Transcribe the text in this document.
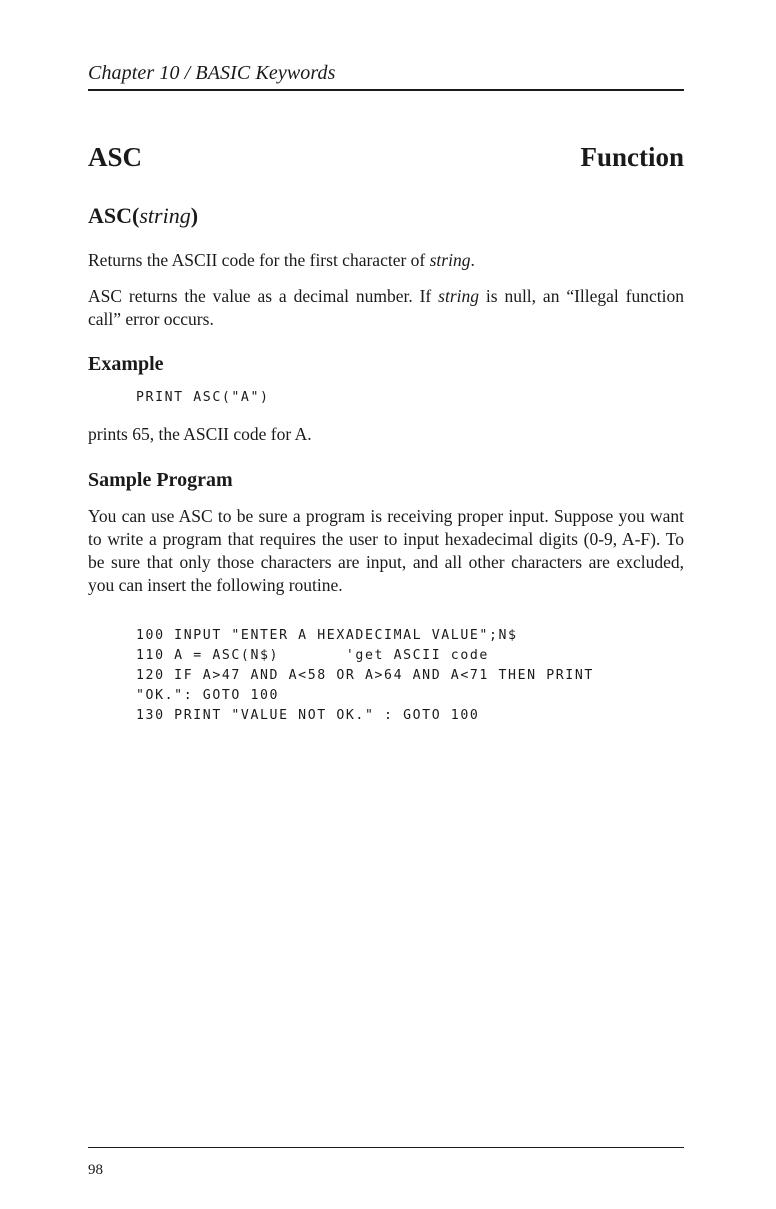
Chapter 10 / BASIC Keywords
ASC	Function
ASC(string)
Returns the ASCII code for the first character of string.
ASC returns the value as a decimal number. If string is null, an “Illegal function call” error occurs.
Example
PRINT ASC("A")
prints 65, the ASCII code for A.
Sample Program
You can use ASC to be sure a program is receiving proper input. Suppose you want to write a program that requires the user to input hexadecimal digits (0-9, A-F). To be sure that only those characters are input, and all other characters are excluded, you can insert the following routine.
100 INPUT "ENTER A HEXADECIMAL VALUE";N$
110 A = ASC(N$)       'get ASCII code
120 IF A>47 AND A<58 OR A>64 AND A<71 THEN PRINT
"OK.": GOTO 100
130 PRINT "VALUE NOT OK." : GOTO 100
98
